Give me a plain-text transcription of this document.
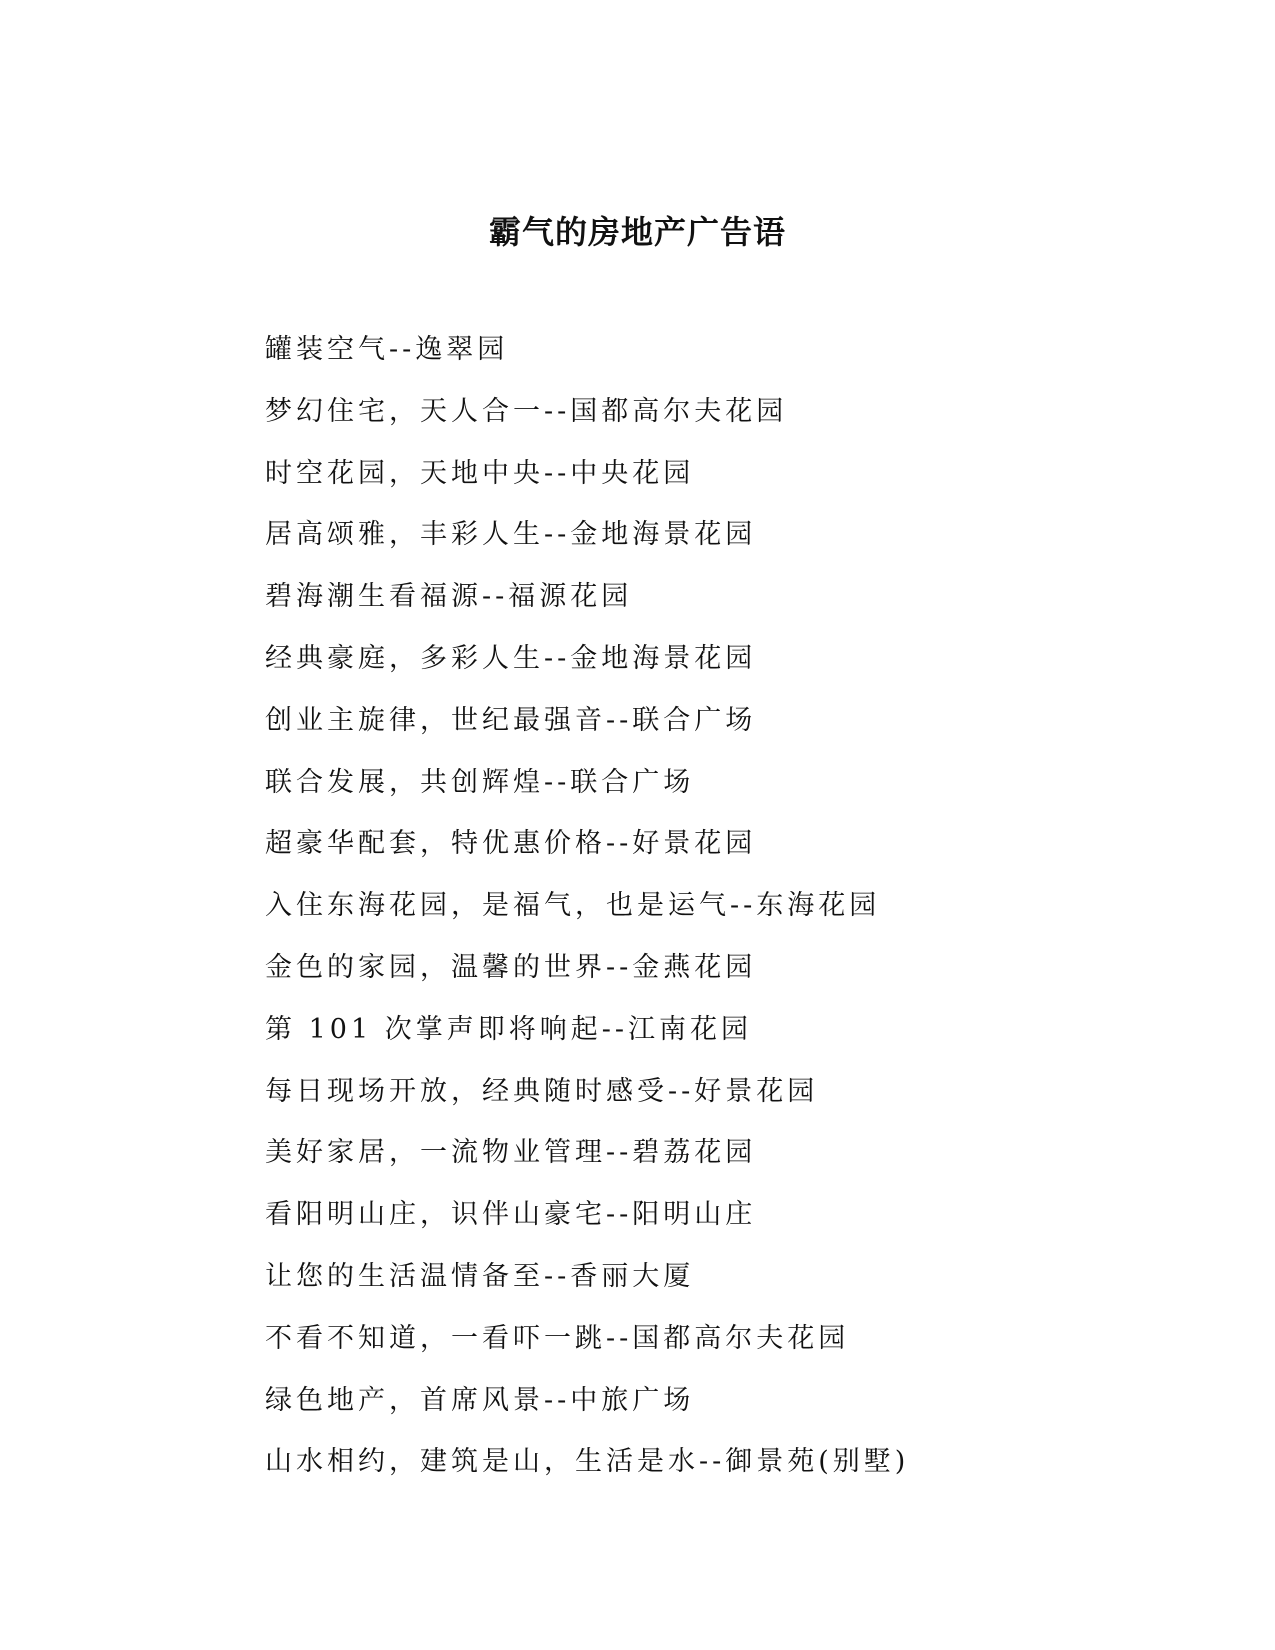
霸气的房地产广告语
罐装空气--逸翠园
梦幻住宅，天人合一--国都高尔夫花园
时空花园，天地中央--中央花园
居高颂雅，丰彩人生--金地海景花园
碧海潮生看福源--福源花园
经典豪庭，多彩人生--金地海景花园
创业主旋律，世纪最强音--联合广场
联合发展，共创辉煌--联合广场
超豪华配套，特优惠价格--好景花园
入住东海花园，是福气，也是运气--东海花园
金色的家园，温馨的世界--金燕花园
第 101 次掌声即将响起--江南花园
每日现场开放，经典随时感受--好景花园
美好家居，一流物业管理--碧荔花园
看阳明山庄，识伴山豪宅--阳明山庄
让您的生活温情备至--香丽大厦
不看不知道，一看吓一跳--国都高尔夫花园
绿色地产，首席风景--中旅广场
山水相约，建筑是山，生活是水--御景苑(别墅)
